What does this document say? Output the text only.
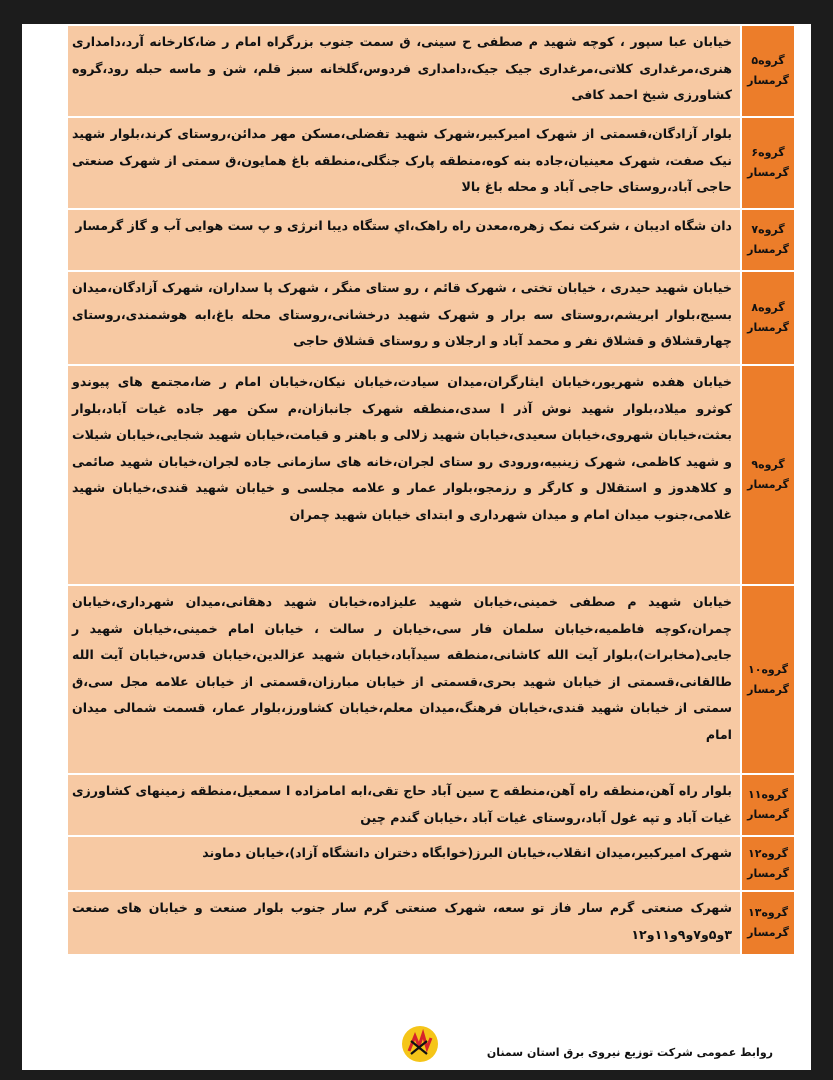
گروه۵
گرمسار
خیابان عبا سپور ، کوچه شهید م صطفی ح سینی، ق سمت جنوب بزرگراه امام ر ضا،کارخانه آرد،دامداری هنری،مرغداری کلاتی،مرغداری جیک جیک،دامداری فردوس،گلخانه سبز قلم، شن و ماسه حبله رود،گروه کشاورزی شیخ احمد کافی
گروه۶
گرمسار
بلوار آزادگان،قسمتی از شهرک امیرکبیر،شهرک شهید تفضلی،مسکن مهر مدائن،روستای کرند،بلوار شهید نیک صفت، شهرک معینیان،جاده بنه کوه،منطقه پارک جنگلی،منطقه باغ همایون،ق سمتی از شهرک صنعتی حاجی آباد،روستای حاجی آباد و محله باغ بالا
گروه۷
گرمسار
دان شگاه ادیبان ، شرکت نمک زهره،معدن راه راهک،اي ستگاه دیبا انرژی و پ ست هوایی آب و گاز گرمسار
گروه۸
گرمسار
خیابان شهید حیدری ، خیابان تختی ، شهرک قائم ، رو ستای منگر ، شهرک پا سداران، شهرک آزادگان،میدان بسیج،بلوار ابریشم،روستای سه برار و شهرک شهید درخشانی،روستای محله باغ،ابه هوشمندی،روستای چهارقشلاق و قشلاق نفر و محمد آباد و ارجلان و روستای قشلاق حاجی
گروه۹
گرمسار
خیابان هفده شهریور،خیابان ایثارگران،میدان سیادت،خیابان نیکان،خیابان امام ر ضا،مجتمع های پیوندو کوثرو میلاد،بلوار شهید نوش آذر ا سدی،منطقه شهرک جانبازان،م سکن مهر جاده غیات آباد،بلوار بعثت،خیابان شهروی،خیابان سعیدی،خیابان شهید زلالی و باهنر و قیامت،خیابان شهید شجایی،خیابان شیلات و شهید کاظمی، شهرک زینبیه،ورودی رو ستای لجران،خانه های سازمانی جاده لجران،خیابان شهید صائمی و کلاهدوز و استقلال و کارگر و رزمجو،بلوار عمار و علامه مجلسی و خیابان شهید قندی،خیابان شهید غلامی،جنوب میدان امام و میدان شهرداری و ابتدای خیابان شهید چمران
گروه۱۰
گرمسار
خیابان شهید م صطفی خمینی،خیابان شهید علیزاده،خیابان شهید دهقانی،میدان شهرداری،خیابان چمران،کوچه فاطمیه،خیابان سلمان فار سی،خیابان ر سالت ، خیابان امام خمینی،خیابان شهید ر جایی(مخابرات)،بلوار آیت الله کاشانی،منطقه سیدآباد،خیابان شهید عزالدین،خیابان قدس،خیابان آیت الله طالقانی،قسمتی از خیابان شهید بحری،قسمتی از خیابان مبارزان،قسمتی از خیابان علامه مجل سی،ق سمتی از خیابان شهید قندی،خیابان فرهنگ،میدان معلم،خیابان کشاورز،بلوار عمار، قسمت شمالی میدان امام
گروه۱۱
گرمسار
بلوار راه آهن،منطقه راه آهن،منطقه ح سین آباد حاج تقی،ابه امامزاده ا سمعیل،منطقه زمینهای کشاورزی غیات آباد و تپه غول آباد،روستای غیات آباد ،خیابان گندم چین
گروه۱۲
گرمسار
شهرک امیرکبیر،میدان انقلاب،خیابان البرز(خوابگاه دختران دانشگاه آزاد)،خیابان دماوند
گروه۱۳
گرمسار
شهرک صنعتی گرم سار فاز تو سعه، شهرک صنعتی گرم سار جنوب بلوار صنعت و خیابان های صنعت ۳و۵و۷و۹و۱۱و۱۲
روابط عمومی شرکت توزیع نیروی برق استان سمنان
